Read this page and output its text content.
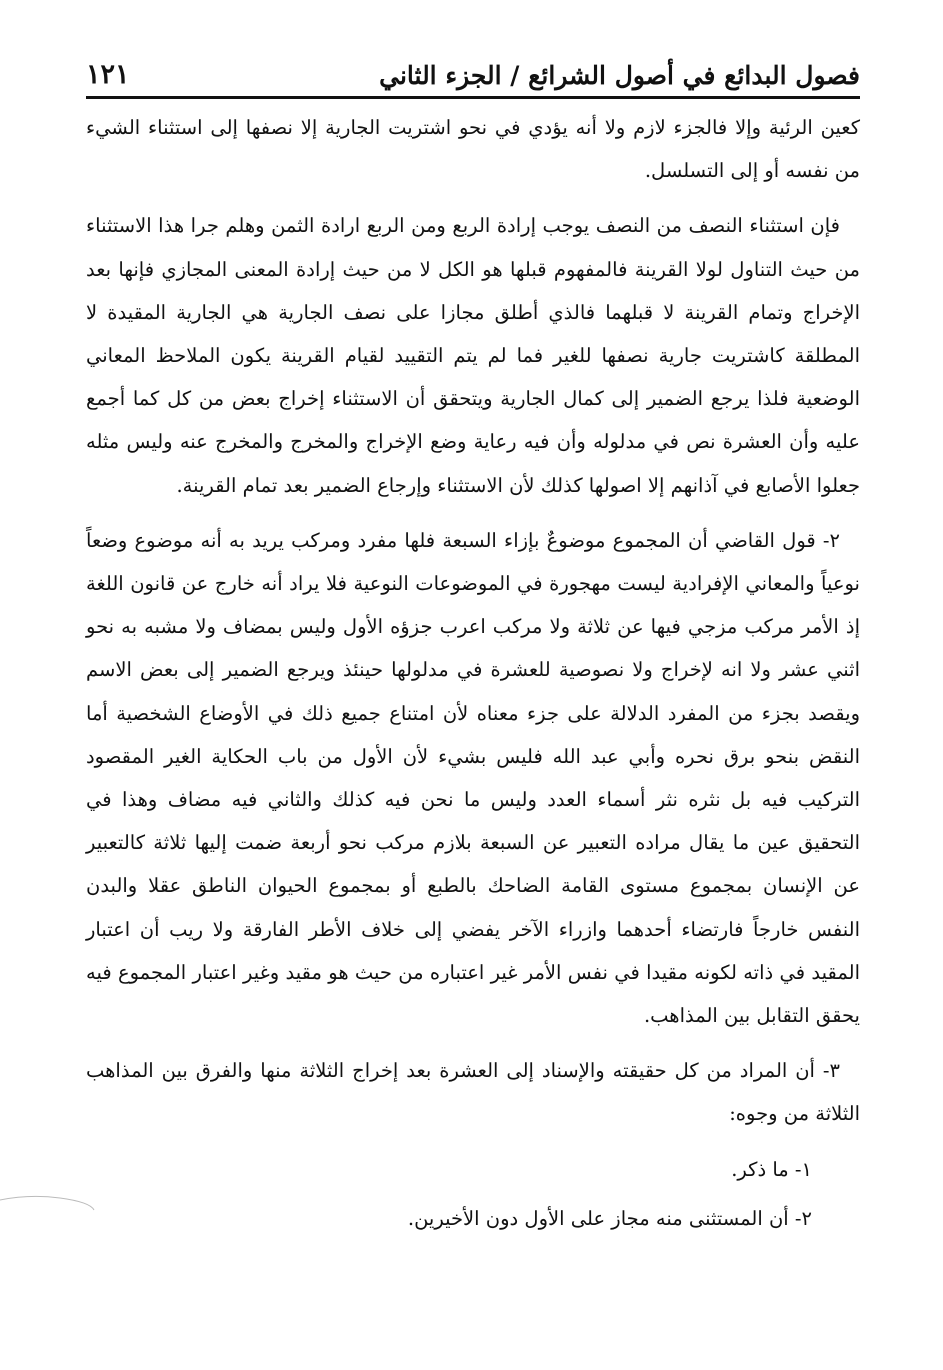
فصول البدائع في أصول الشرائع / الجزء الثاني
١٢١

كعين الرئية وإلا فالجزء لازم ولا أنه يؤدي في نحو اشتريت الجارية إلا نصفها إلى استثناء الشيء من نفسه أو إلى التسلسل.

فإن استثناء النصف من النصف يوجب إرادة الربع ومن الربع ارادة الثمن وهلم جرا هذا الاستثناء من حيث التناول لولا القرينة فالمفهوم قبلها هو الكل لا من حيث إرادة المعنى المجازي فإنها بعد الإخراج وتمام القرينة لا قبلهما فالذي أطلق مجازا على نصف الجارية هي الجارية المقيدة لا المطلقة كاشتريت جارية نصفها للغير فما لم يتم التقييد لقيام القرينة يكون الملاحظ المعاني الوضعية فلذا يرجع الضمير إلى كمال الجارية ويتحقق أن الاستثناء إخراج بعض من كل كما أجمع عليه وأن العشرة نص في مدلوله وأن فيه رعاية وضع الإخراج والمخرج والمخرج عنه وليس مثله جعلوا الأصابع في آذانهم إلا اصولها كذلك لأن الاستثناء وإرجاع الضمير بعد تمام القرينة.

٢- قول القاضي أن المجموع موضوعٌ بإزاء السبعة فلها مفرد ومركب يريد به أنه موضوع وضعاً نوعياً والمعاني الإفرادية ليست مهجورة في الموضوعات النوعية فلا يراد أنه خارج عن قانون اللغة إذ الأمر مركب مزجي فيها عن ثلاثة ولا مركب اعرب جزؤه الأول وليس بمضاف ولا مشبه به نحو اثني عشر ولا انه لإخراج ولا نصوصية للعشرة في مدلولها حينئذ ويرجع الضمير إلى بعض الاسم ويقصد بجزء من المفرد الدلالة على جزء معناه لأن امتناع جميع ذلك في الأوضاع الشخصية أما النقض بنحو برق نحره وأبي عبد الله فليس بشيء لأن الأول من باب الحكاية الغير المقصود التركيب فيه بل نثره نثر أسماء العدد وليس ما نحن فيه كذلك والثاني فيه مضاف وهذا في التحقيق عين ما يقال مراده التعبير عن السبعة بلازم مركب نحو أربعة ضمت إليها ثلاثة كالتعبير عن الإنسان بمجموع مستوى القامة الضاحك بالطبع أو بمجموع الحيوان الناطق عقلا والبدن النفس خارجاً فارتضاء أحدهما وازراء الآخر يفضي إلى خلاف الأطر الفارقة ولا ريب أن اعتبار المقيد في ذاته لكونه مقيدا في نفس الأمر غير اعتباره من حيث هو مقيد وغير اعتبار المجموع فيه يحقق التقابل بين المذاهب.

٣- أن المراد من كل حقيقته والإسناد إلى العشرة بعد إخراج الثلاثة منها والفرق بين المذاهب الثلاثة من وجوه:

١- ما ذكر.

٢- أن المستثنى منه مجاز على الأول دون الأخيرين.
